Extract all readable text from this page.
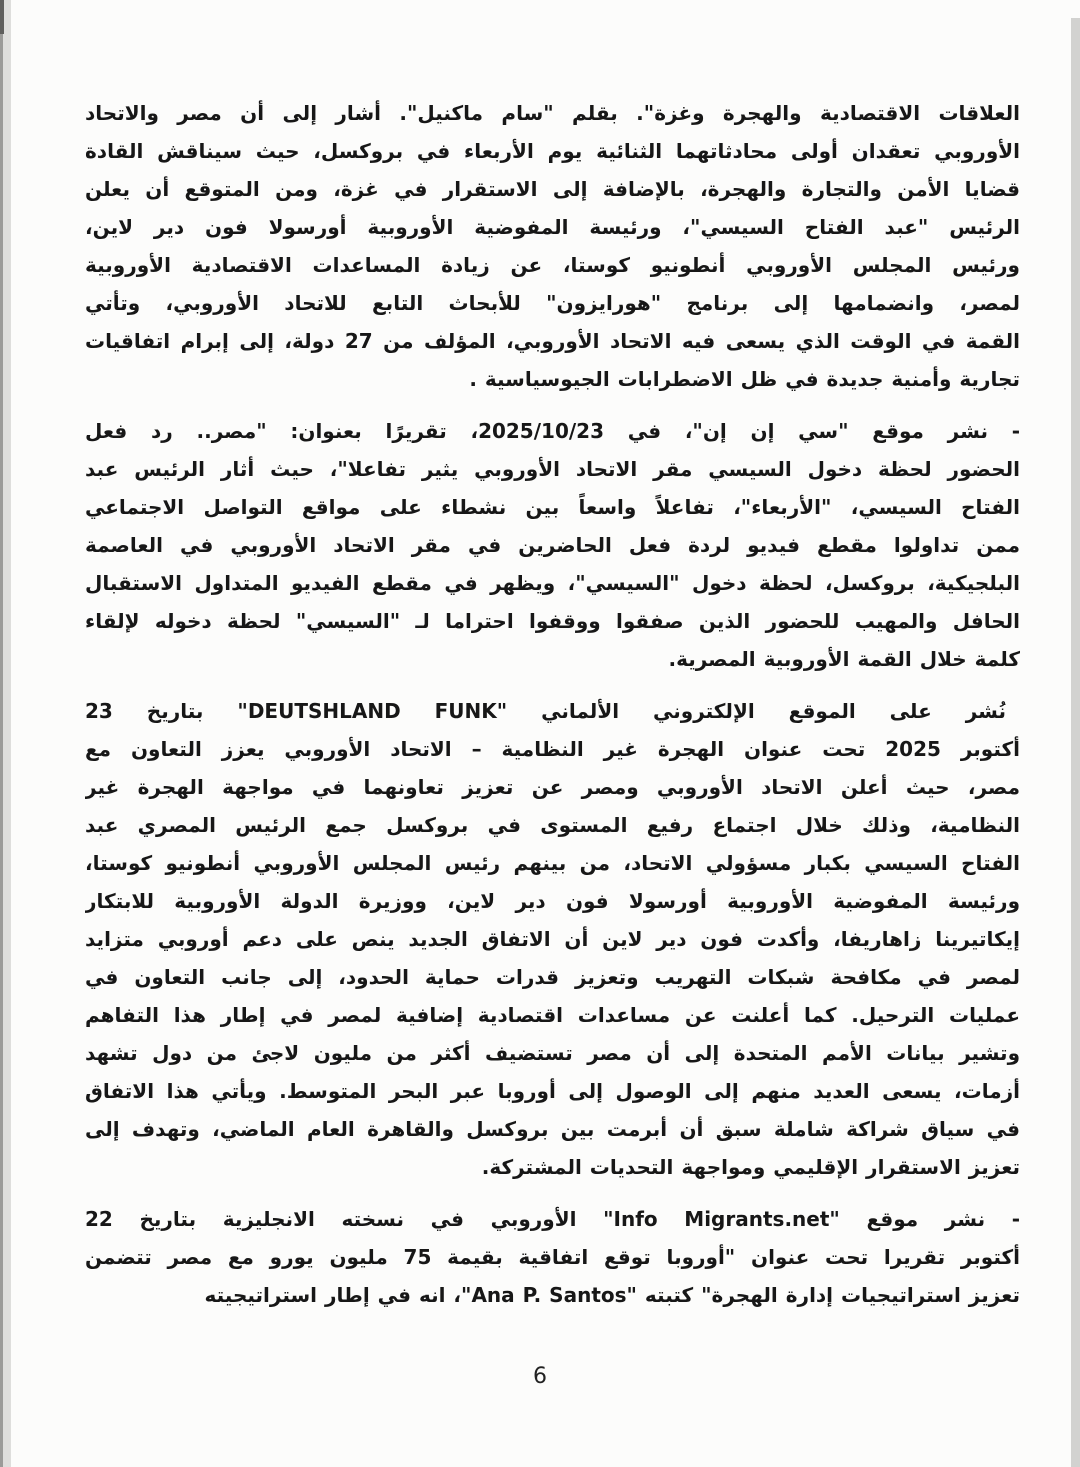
العلاقات الاقتصادية والهجرة وغزة". بقلم "سام ماكنيل". أشار إلى أن مصر والاتحاد
الأوروبي تعقدان أولى محادثاتهما الثنائية يوم الأربعاء في بروكسل، حيث سيناقش القادة
قضايا الأمن والتجارة والهجرة، بالإضافة إلى الاستقرار في غزة، ومن المتوقع أن يعلن
الرئيس "عبد الفتاح السيسي"، ورئيسة المفوضية الأوروبية أورسولا فون دير لاين،
ورئيس المجلس الأوروبي أنطونيو كوستا، عن زيادة المساعدات الاقتصادية الأوروبية
لمصر، وانضمامها إلى برنامج "هورايزون" للأبحاث التابع للاتحاد الأوروبي، وتأتي
القمة في الوقت الذي يسعى فيه الاتحاد الأوروبي، المؤلف من 27 دولة، إلى إبرام اتفاقيات
تجارية وأمنية جديدة في ظل الاضطرابات الجيوسياسية .
- نشر موقع "سي إن إن"، في 2025/10/23، تقريرًا بعنوان: "مصر.. رد فعل
الحضور لحظة دخول السيسي مقر الاتحاد الأوروبي يثير تفاعلا"، حيث أثار الرئيس عبد
الفتاح السيسي، "الأربعاء"، تفاعلاً واسعاً بين نشطاء على مواقع التواصل الاجتماعي
ممن تداولوا مقطع فيديو لردة فعل الحاضرين في مقر الاتحاد الأوروبي في العاصمة
البلجيكية، بروكسل، لحظة دخول "السيسي"، ويظهر في مقطع الفيديو المتداول الاستقبال
الحافل والمهيب للحضور الذين صفقوا ووقفوا احتراما لـ "السيسي" لحظة دخوله لإلقاء
كلمة خلال القمة الأوروبية المصرية.
نُشر على الموقع الإلكتروني الألماني "DEUTSHLAND FUNK" بتاريخ 23
أكتوبر 2025 تحت عنوان الهجرة غير النظامية – الاتحاد الأوروبي يعزز التعاون مع
مصر، حيث أعلن الاتحاد الأوروبي ومصر عن تعزيز تعاونهما في مواجهة الهجرة غير
النظامية، وذلك خلال اجتماع رفيع المستوى في بروكسل جمع الرئيس المصري عبد
الفتاح السيسي بكبار مسؤولي الاتحاد، من بينهم رئيس المجلس الأوروبي أنطونيو كوستا،
ورئيسة المفوضية الأوروبية أورسولا فون دير لاين، ووزيرة الدولة الأوروبية للابتكار
إيكاتيرينا زاهاريفا، وأكدت فون دير لاين أن الاتفاق الجديد ينص على دعم أوروبي متزايد
لمصر في مكافحة شبكات التهريب وتعزيز قدرات حماية الحدود، إلى جانب التعاون في
عمليات الترحيل. كما أعلنت عن مساعدات اقتصادية إضافية لمصر في إطار هذا التفاهم
وتشير بيانات الأمم المتحدة إلى أن مصر تستضيف أكثر من مليون لاجئ من دول تشهد
أزمات، يسعى العديد منهم إلى الوصول إلى أوروبا عبر البحر المتوسط. ويأتي هذا الاتفاق
في سياق شراكة شاملة سبق أن أبرمت بين بروكسل والقاهرة العام الماضي، وتهدف إلى
تعزيز الاستقرار الإقليمي ومواجهة التحديات المشتركة.
- نشر موقع "Info Migrants.net" الأوروبي في نسخته الانجليزية بتاريخ 22
أكتوبر تقريرا تحت عنوان "أوروبا توقع اتفاقية بقيمة 75 مليون يورو مع مصر تتضمن
تعزيز استراتيجيات إدارة الهجرة" كتبته "Ana P. Santos"، انه في إطار استراتيجيته
6
